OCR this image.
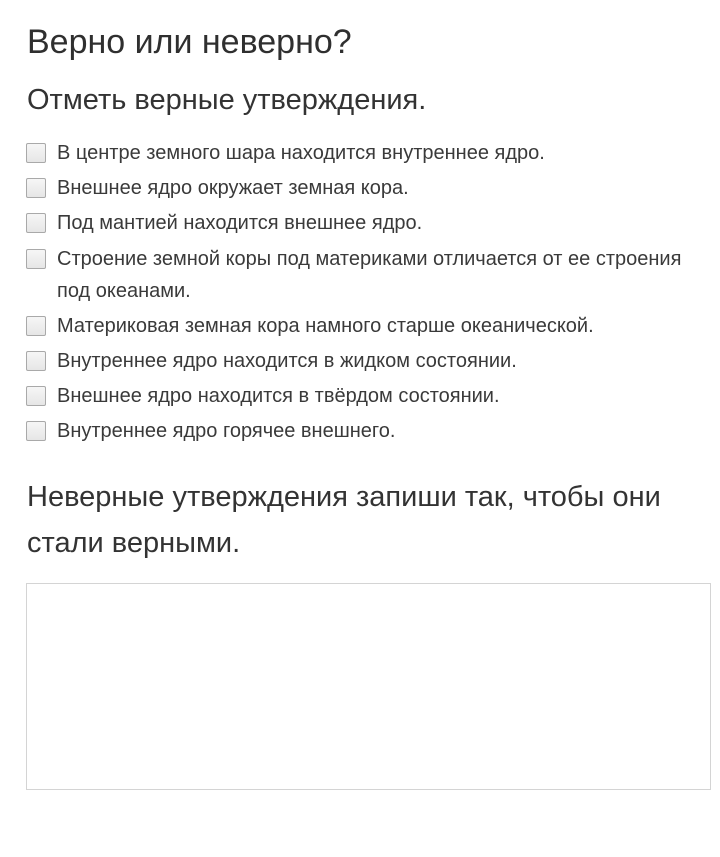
Верно или неверно?
Отметь верные утверждения.
В центре земного шара находится внутреннее ядро.
Внешнее ядро окружает земная кора.
Под мантией находится внешнее ядро.
Строение земной коры под материками отличается от ее строения под океанами.
Материковая земная кора намного старше океанической.
Внутреннее ядро находится в жидком состоянии.
Внешнее ядро находится в твёрдом состоянии.
Внутреннее ядро горячее внешнего.
Неверные утверждения запиши так, чтобы они стали верными.
